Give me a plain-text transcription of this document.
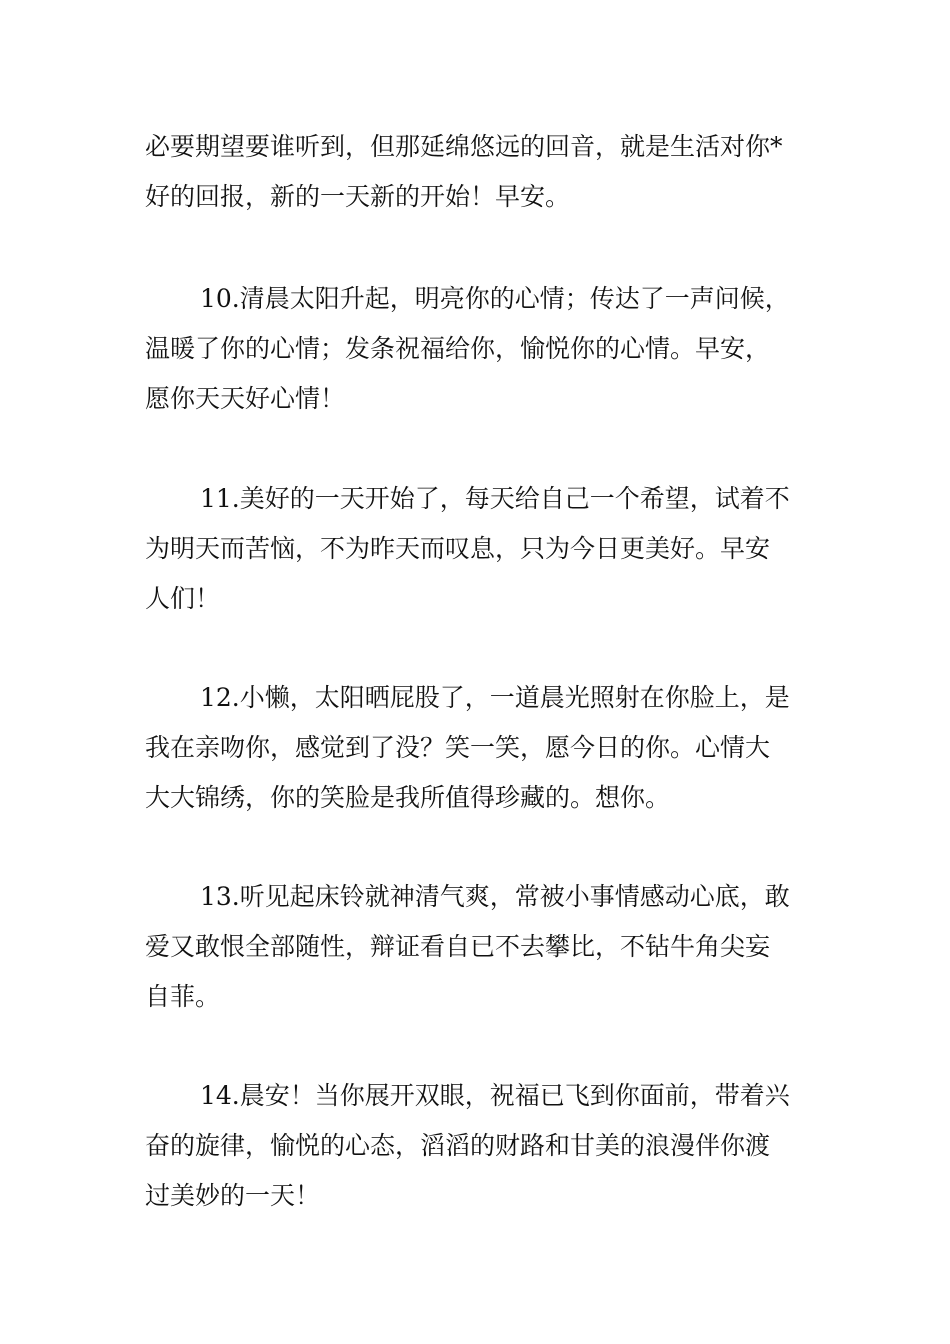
必要期望要谁听到，但那延绵悠远的回音，就是生活对你*
好的回报，新的一天新的开始！早安。

10.清晨太阳升起，明亮你的心情；传达了一声问候，
温暖了你的心情；发条祝福给你，愉悦你的心情。早安，
愿你天天好心情！

11.美好的一天开始了，每天给自己一个希望，试着不
为明天而苦恼，不为昨天而叹息，只为今日更美好。早安
人们！

12.小懒，太阳晒屁股了，一道晨光照射在你脸上，是
我在亲吻你，感觉到了没？笑一笑，愿今日的你。心情大
大大锦绣，你的笑脸是我所值得珍藏的。想你。

13.听见起床铃就神清气爽，常被小事情感动心底，敢
爱又敢恨全部随性，辩证看自已不去攀比，不钻牛角尖妄
自菲。

14.晨安！当你展开双眼，祝福已飞到你面前，带着兴
奋的旋律，愉悦的心态，滔滔的财路和甘美的浪漫伴你渡
过美妙的一天！
